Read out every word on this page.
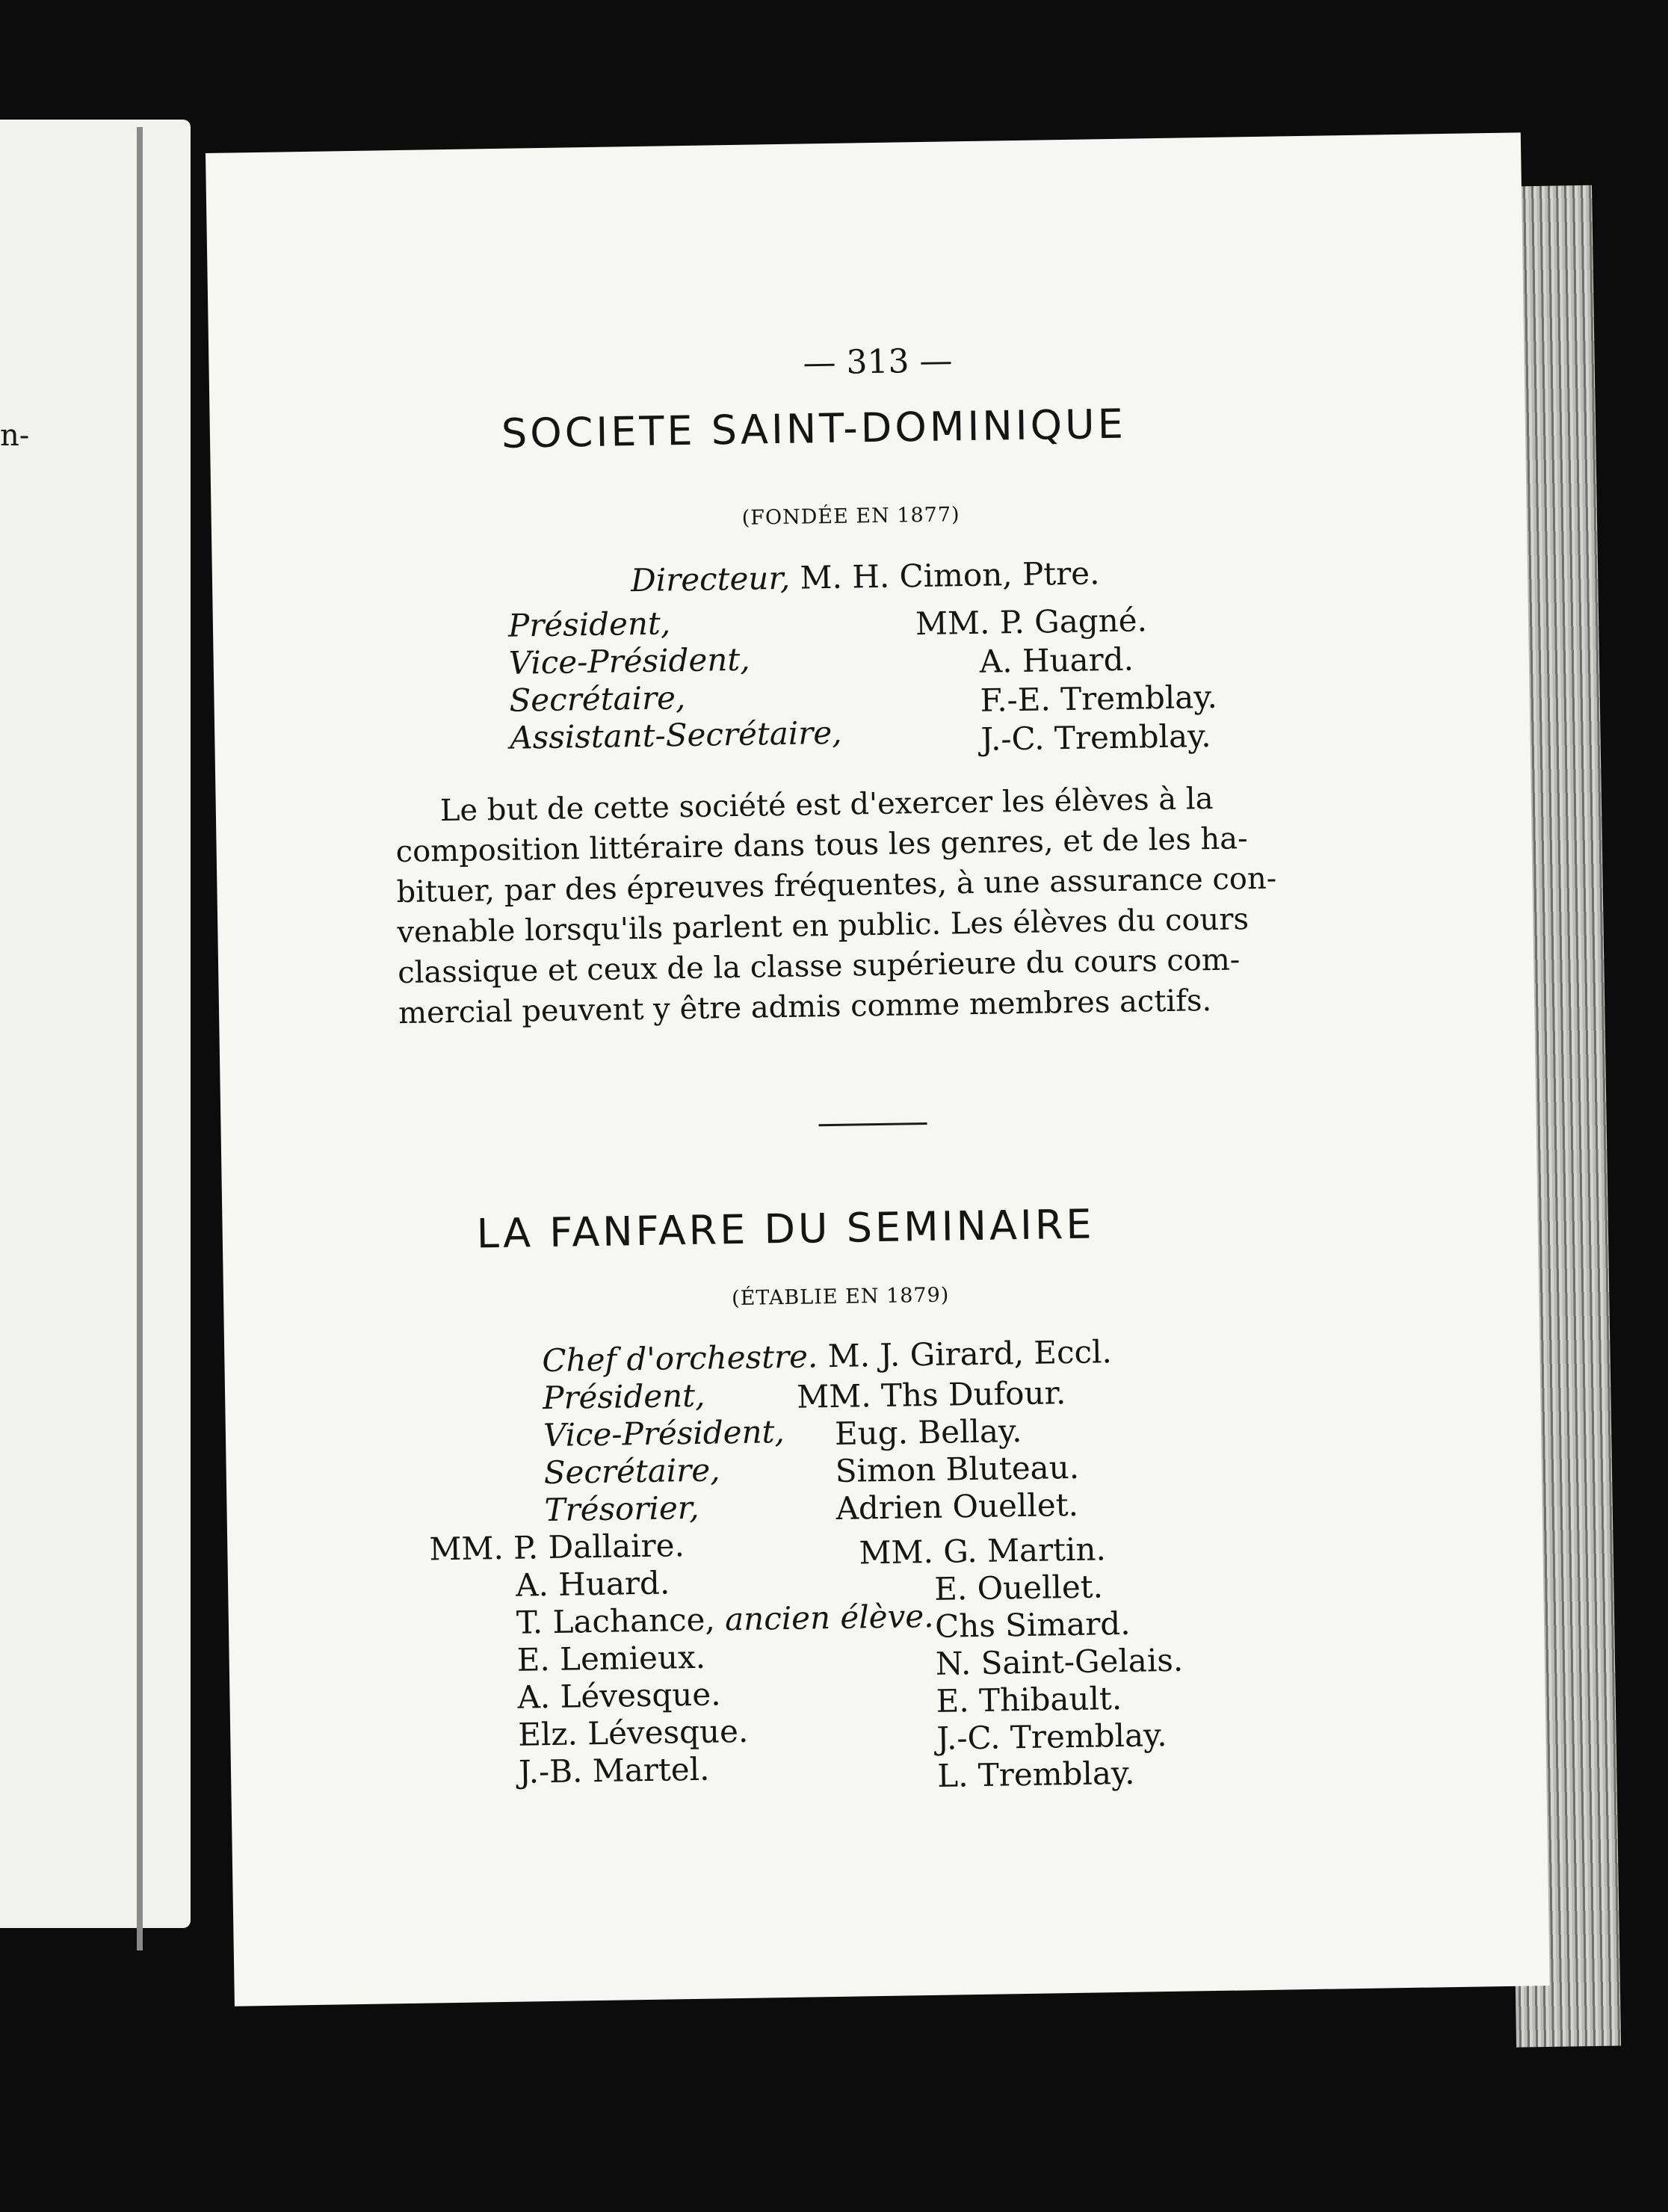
n-
— 313 —
SOCIETE SAINT-DOMINIQUE
(FONDÉE EN 1877)
Directeur, M. H. Cimon, Ptre.
Président,
Vice-Président,
Secrétaire,
Assistant-Secrétaire,
MM. P. Gagné.
A. Huard.
F.-E. Tremblay.
J.-C. Tremblay.
Le but de cette société est d'exercer les élèves à la
composition littéraire dans tous les genres, et de les ha-
bituer, par des épreuves fréquentes, à une assurance con-
venable lorsqu'ils parlent en public. Les élèves du cours
classique et ceux de la classe supérieure du cours com-
mercial peuvent y être admis comme membres actifs.
LA FANFARE DU SEMINAIRE
(ÉTABLIE EN 1879)
Chef d'orchestre. M. J. Girard, Eccl.
Président,
Vice-Président,
Secrétaire,
Trésorier,
MM. Ths Dufour.
Eug. Bellay.
Simon Bluteau.
Adrien Ouellet.
MM. P. Dallaire.
A. Huard.
T. Lachance, ancien élève.
E. Lemieux.
A. Lévesque.
Elz. Lévesque.
J.-B. Martel.
MM. G. Martin.
E. Ouellet.
Chs Simard.
N. Saint-Gelais.
E. Thibault.
J.-C. Tremblay.
L. Tremblay.
